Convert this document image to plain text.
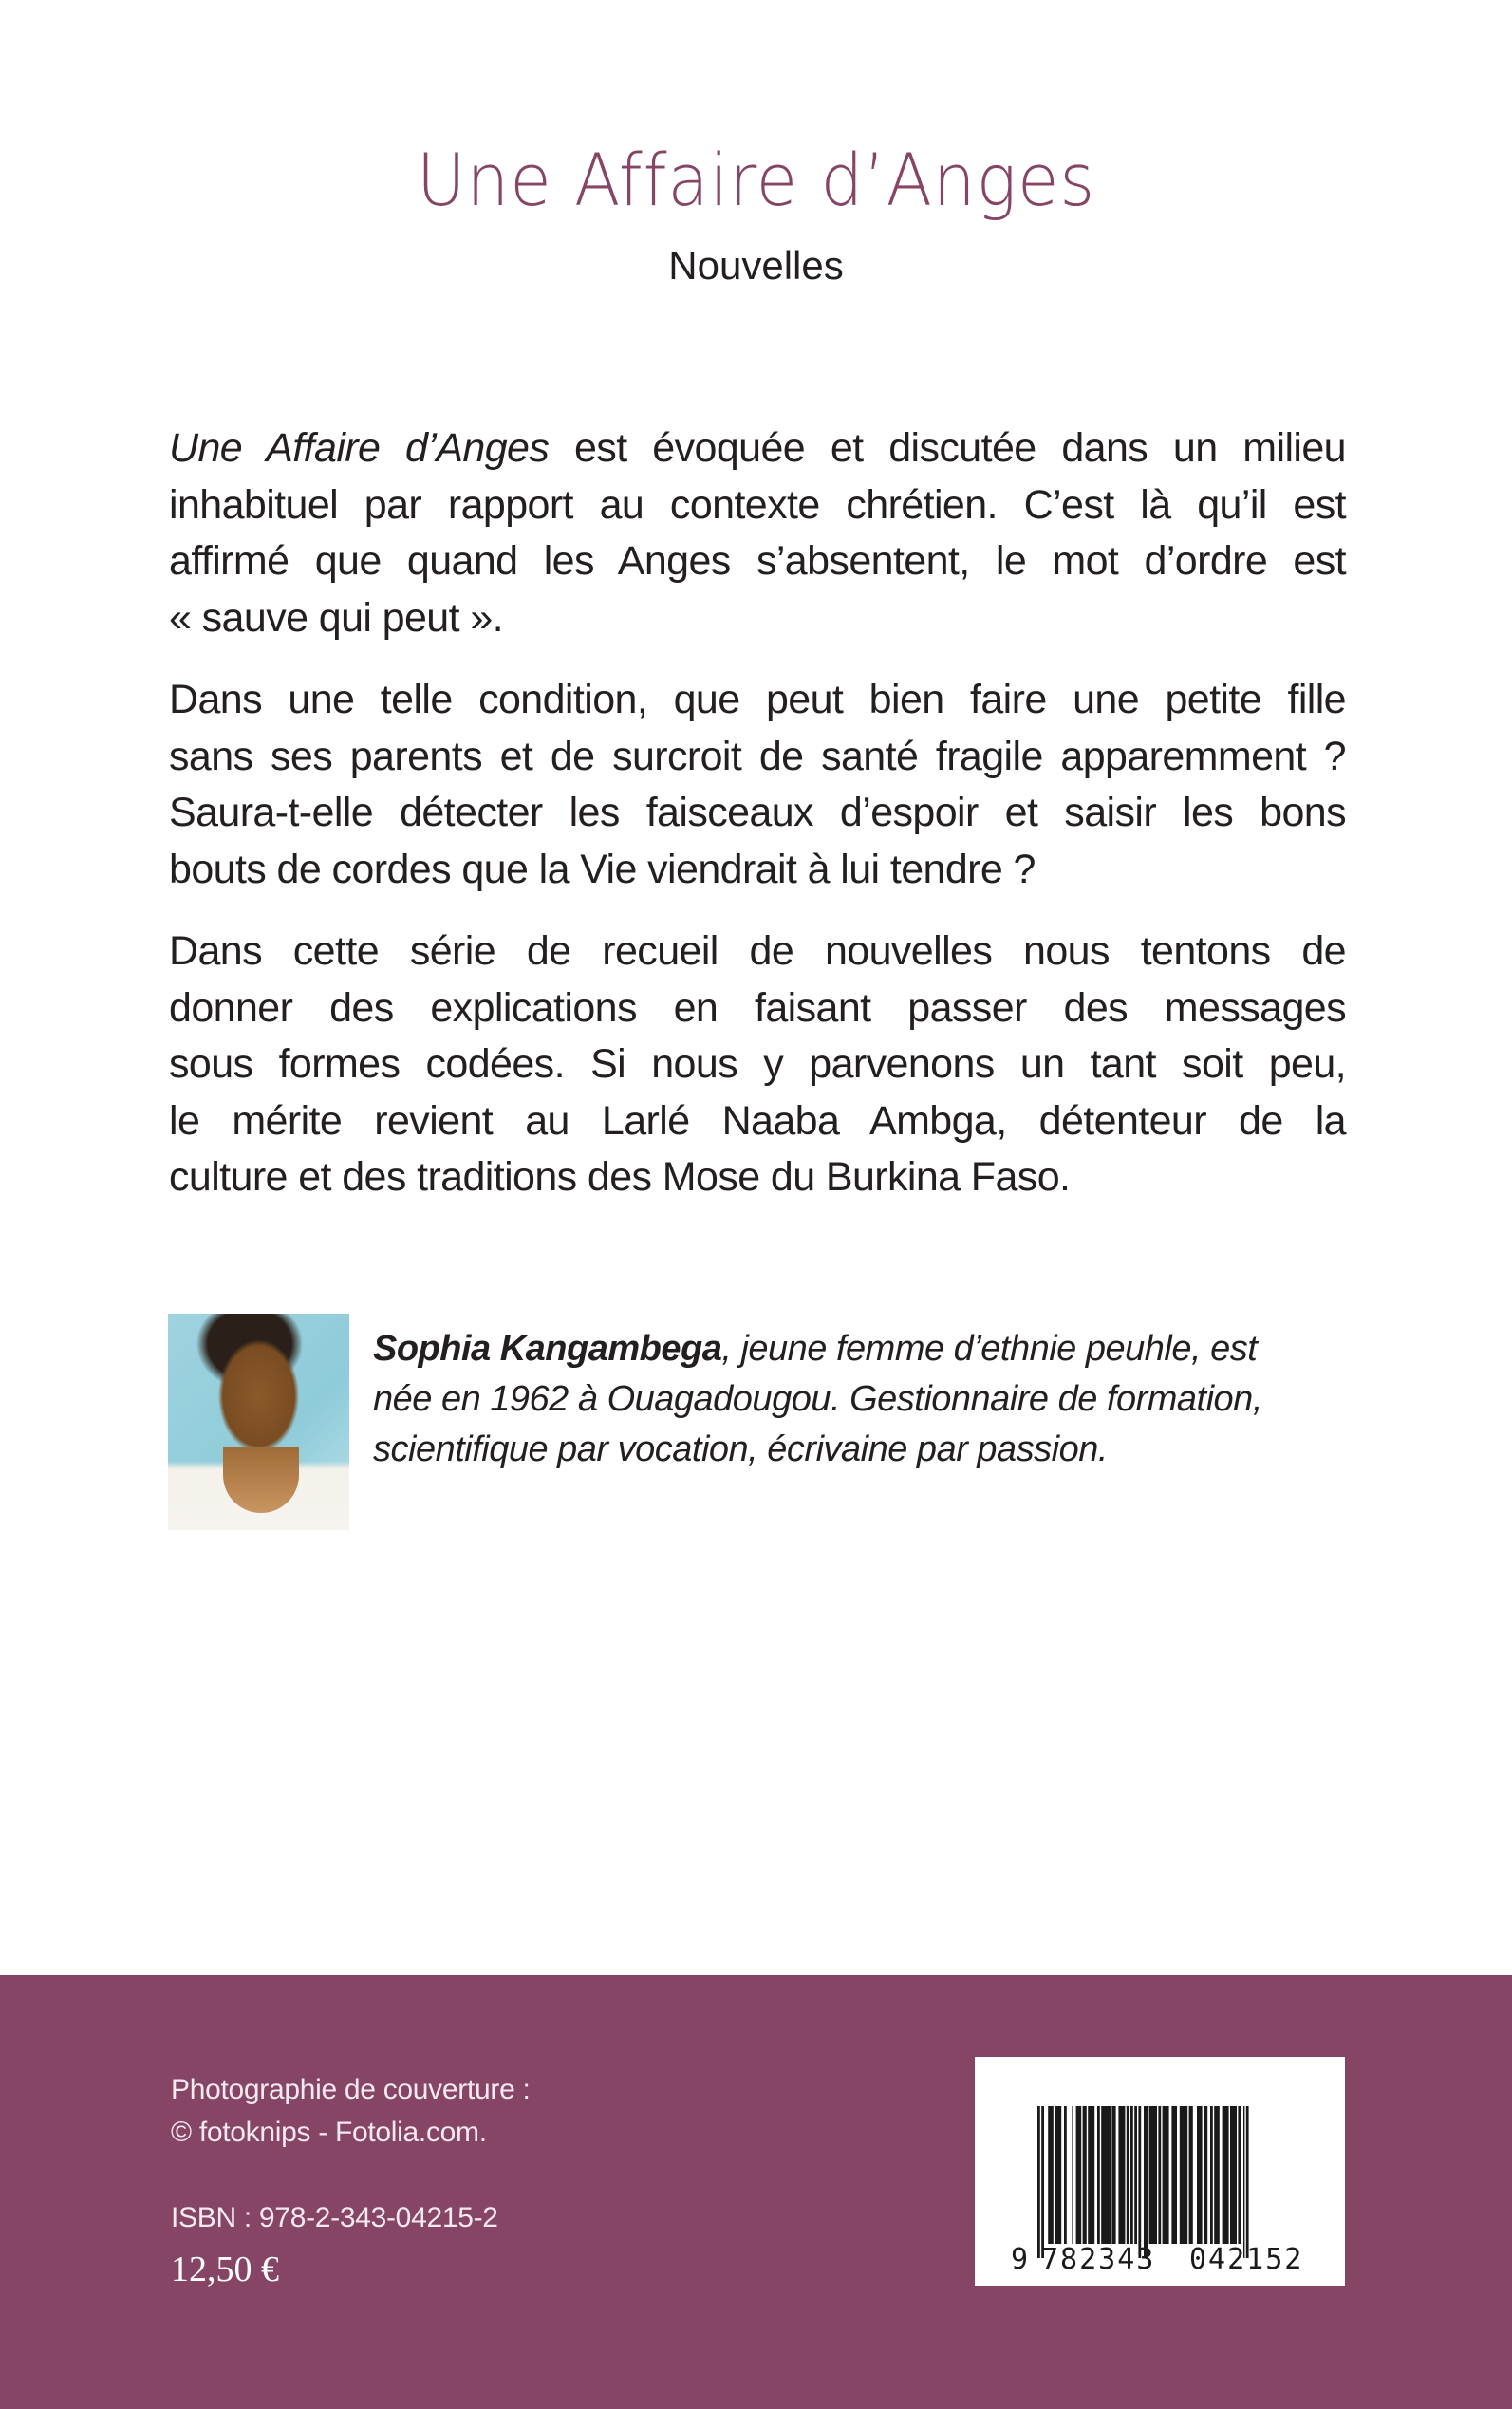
Une Affaire d’Anges
Nouvelles
Une Affaire d’Anges est évoquée et discutée dans un milieu
inhabituel par rapport au contexte chrétien. C’est là qu’il est
affirmé que quand les Anges s’absentent, le mot d’ordre est
« sauve qui peut ».
Dans une telle condition, que peut bien faire une petite fille
sans ses parents et de surcroit de santé fragile apparemment ?
Saura-t-elle détecter les faisceaux d’espoir et saisir les bons
bouts de cordes que la Vie viendrait à lui tendre ?
Dans cette série de recueil de nouvelles nous tentons de
donner des explications en faisant passer des messages
sous formes codées. Si nous y parvenons un tant soit peu,
le mérite revient au Larlé Naaba Ambga, détenteur de la
culture et des traditions des Mose du Burkina Faso.
Sophia Kangambega, jeune femme d’ethnie peuhle, est
née en 1962 à Ouagadougou. Gestionnaire de formation,
scientifique par vocation, écrivaine par passion.
Photographie de couverture :
© fotoknips - Fotolia.com.
ISBN : 978-2-343-04215-2
12,50 €	9 782343 042152
